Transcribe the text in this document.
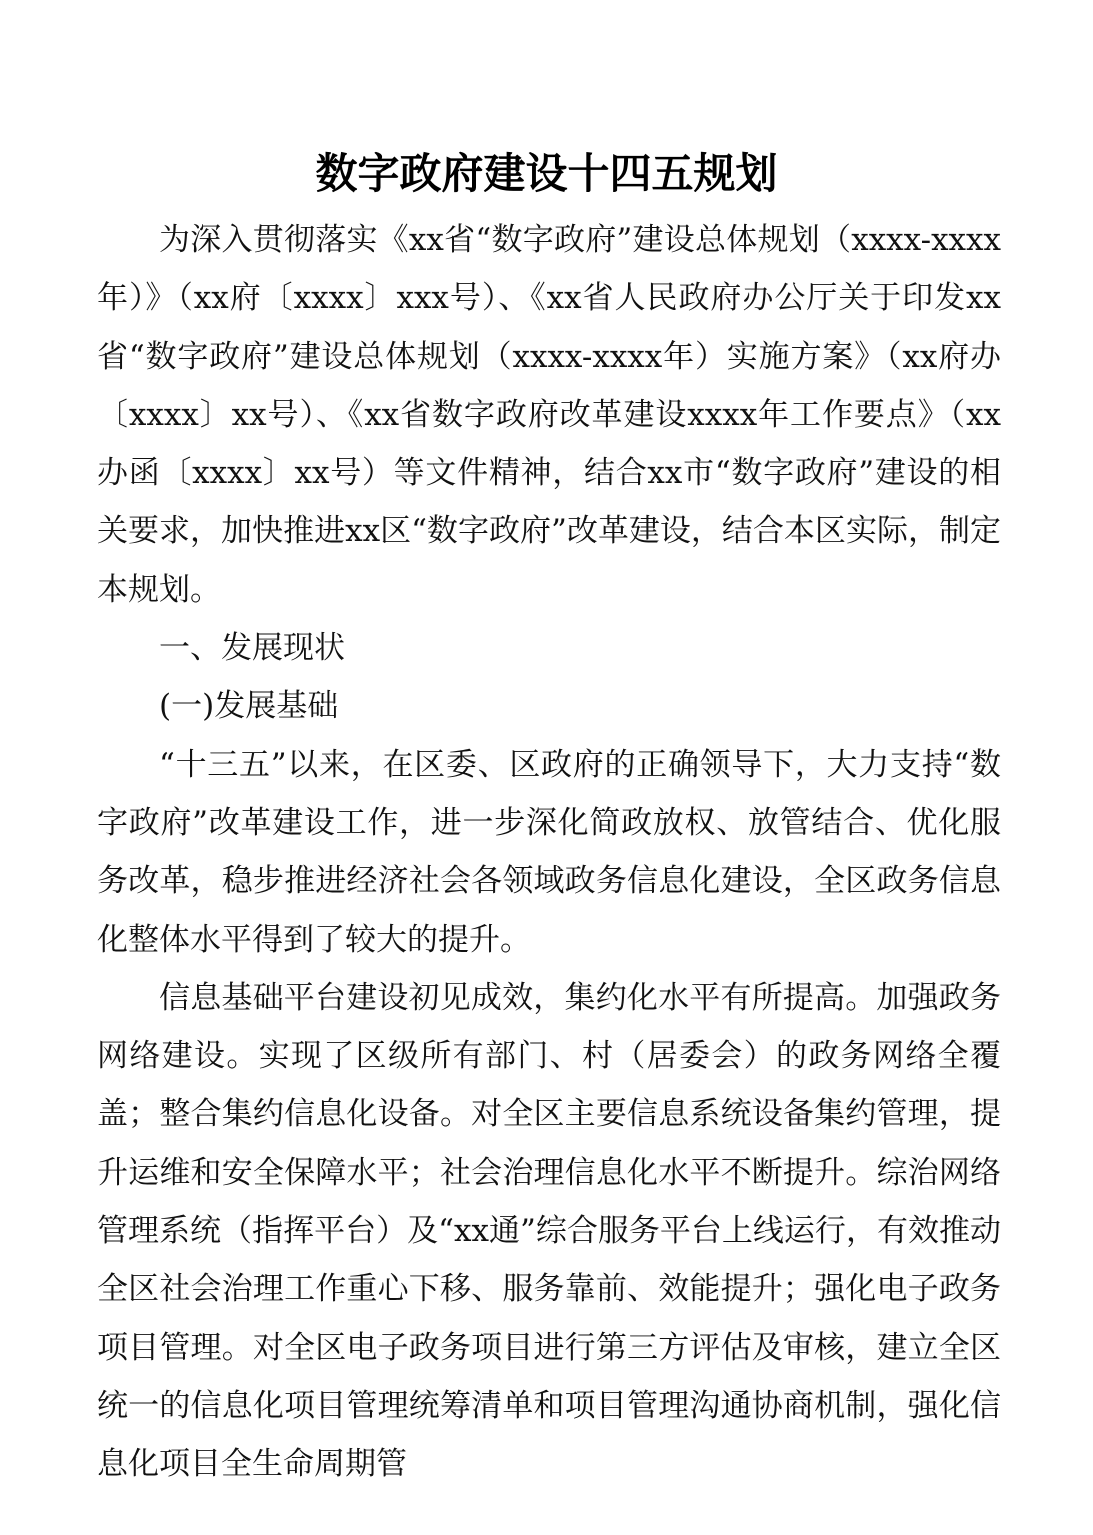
数字政府建设十四五规划

为深入贯彻落实《xx省“数字政府”建设总体规划（xxxx-xxxx年）》（xx府〔xxxx〕xxx号）、《xx省人民政府办公厅关于印发xx省“数字政府”建设总体规划（xxxx-xxxx年）实施方案》（xx府办〔xxxx〕xx号）、《xx省数字政府改革建设xxxx年工作要点》（xx办函〔xxxx〕xx号）等文件精神，结合xx市“数字政府”建设的相关要求，加快推进xx区“数字政府”改革建设，结合本区实际，制定本规划。

一、发展现状

(一)发展基础

“十三五”以来，在区委、区政府的正确领导下，大力支持“数字政府”改革建设工作，进一步深化简政放权、放管结合、优化服务改革，稳步推进经济社会各领域政务信息化建设，全区政务信息化整体水平得到了较大的提升。

信息基础平台建设初见成效，集约化水平有所提高。加强政务网络建设。实现了区级所有部门、村（居委会）的政务网络全覆盖；整合集约信息化设备。对全区主要信息系统设备集约管理，提升运维和安全保障水平；社会治理信息化水平不断提升。综治网络管理系统（指挥平台）及“xx通”综合服务平台上线运行，有效推动全区社会治理工作重心下移、服务靠前、效能提升；强化电子政务项目管理。对全区电子政务项目进行第三方评估及审核，建立全区统一的信息化项目管理统筹清单和项目管理沟通协商机制，强化信息化项目全生命周期管
